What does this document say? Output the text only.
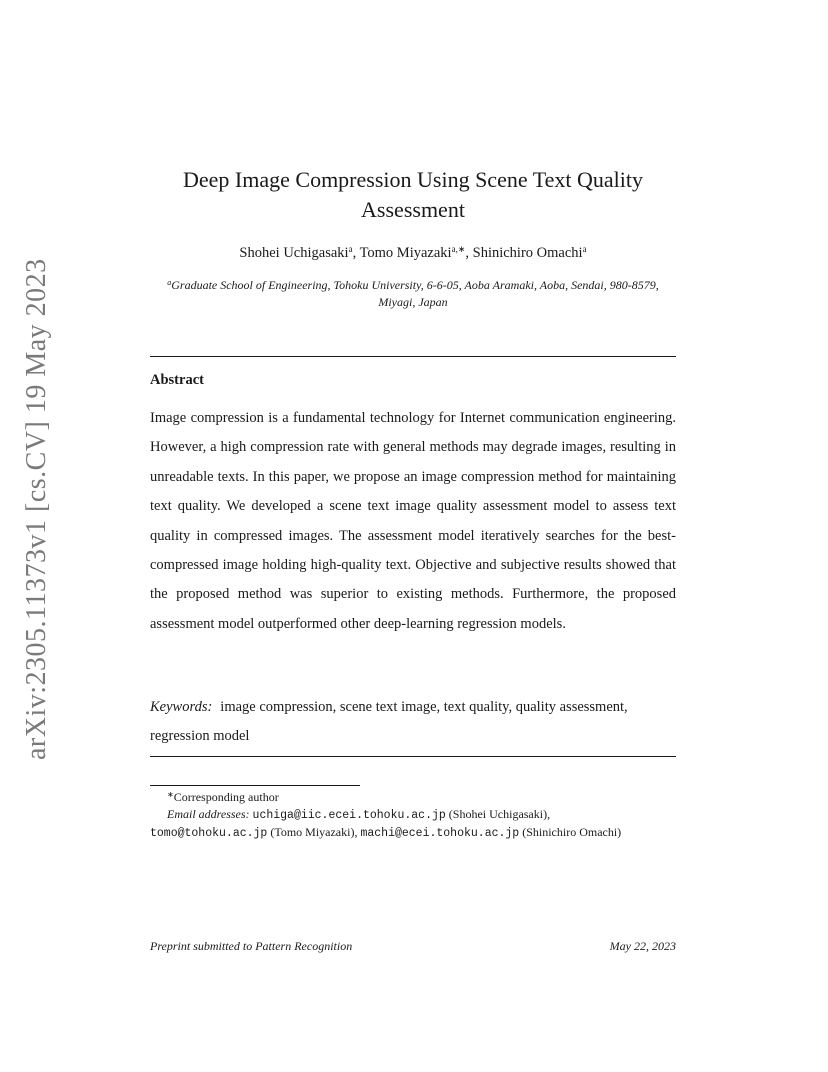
arXiv:2305.11373v1 [cs.CV] 19 May 2023
Deep Image Compression Using Scene Text Quality Assessment
Shohei Uchigasaki$^a$, Tomo Miyazaki$^{a,∗}$, Shinichiro Omachi$^a$
$^a$Graduate School of Engineering, Tohoku University, 6-6-05, Aoba Aramaki, Aoba, Sendai, 980-8579, Miyagi, Japan
Abstract
Image compression is a fundamental technology for Internet communication engineering. However, a high compression rate with general methods may degrade images, resulting in unreadable texts. In this paper, we propose an image compression method for maintaining text quality. We developed a scene text image quality assessment model to assess text quality in compressed images. The assessment model iteratively searches for the best-compressed image holding high-quality text. Objective and subjective results showed that the proposed method was superior to existing methods. Furthermore, the proposed assessment model outperformed other deep-learning regression models.
Keywords: image compression, scene text image, text quality, quality assessment, regression model
∗Corresponding author
Email addresses: uchiga@iic.ecei.tohoku.ac.jp (Shohei Uchigasaki),
tomo@tohoku.ac.jp (Tomo Miyazaki), machi@ecei.tohoku.ac.jp (Shinichiro Omachi)
Preprint submitted to Pattern Recognition	May 22, 2023
